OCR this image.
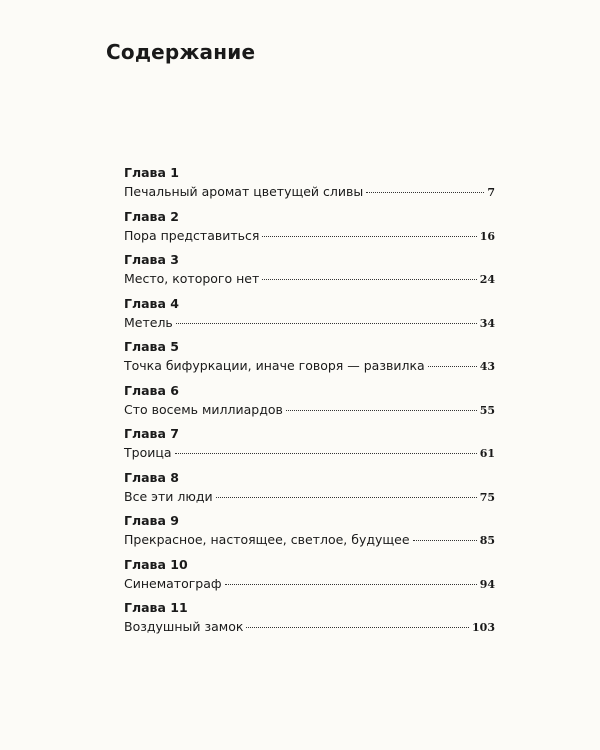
Содержание
Глава 1
Печальный аромат цветущей сливы	7
Глава 2
Пора представиться	16
Глава 3
Место, которого нет	24
Глава 4
Метель	34
Глава 5
Точка бифуркации, иначе говоря — развилка	43
Глава 6
Сто восемь миллиардов	55
Глава 7
Троица	61
Глава 8
Все эти люди	75
Глава 9
Прекрасное, настоящее, светлое, будущее	85
Глава 10
Синематограф	94
Глава 11
Воздушный замок	103
